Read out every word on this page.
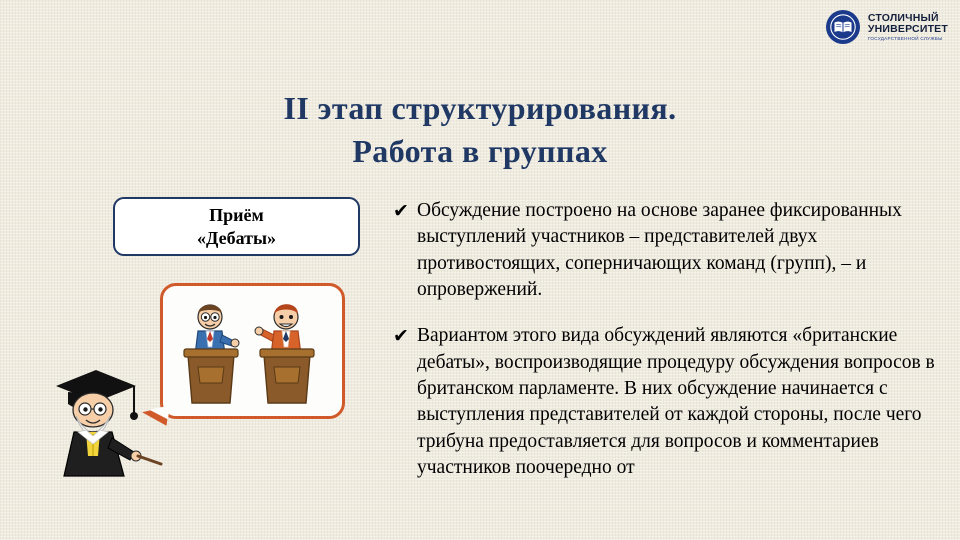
СТОЛИЧНЫЙ
УНИВЕРСИТЕТ
ГОСУДАРСТВЕННОЙ СЛУЖБЫ
II этап структурирования.
Работа в группах
Приём
«Дебаты»
✔ Обсуждение построено на основе заранее фиксированных выступлений участников – представителей двух противостоящих, соперничающих команд (групп), – и опровержений.
✔ Вариантом этого вида обсуждений являются «британские дебаты», воспроизводящие процедуру обсуждения вопросов в британском парламенте. В них обсуждение начинается с выступления представителей от каждой стороны, после чего трибуна предоставляется для вопросов и комментариев участников поочередно от
